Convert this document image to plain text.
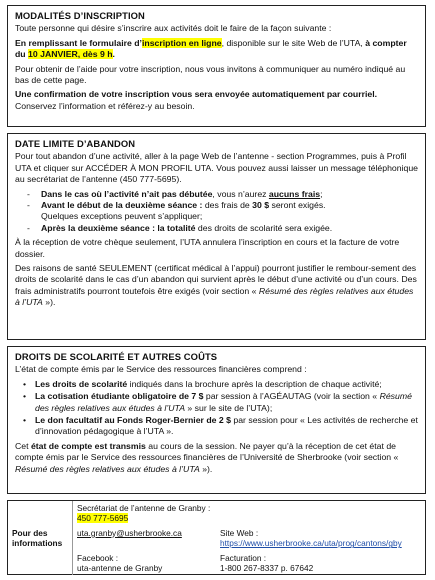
MODALITÉS D’INSCRIPTION

Toute personne qui désire s’inscrire aux activités doit le faire de la façon suivante :

En remplissant le formulaire d’inscription en ligne, disponible sur le site Web de l’UTA, à compter du 10 JANVIER, dès 9 h.

Pour obtenir de l’aide pour votre inscription, nous vous invitons à communiquer au numéro indiqué au bas de cette page.

Une confirmation de votre inscription vous sera envoyée automatiquement par courriel. Conservez l’information et référez-y au besoin.

DATE LIMITE D’ABANDON

Pour tout abandon d’une activité, aller à la page Web de l’antenne - section Programmes, puis à Profil UTA et cliquer sur ACCÉDER À MON PROFIL UTA. Vous pouvez aussi laisser un message téléphonique au secrétariat de l’antenne (450 777-5695).

- Dans le cas où l’activité n’ait pas débutée, vous n’aurez aucuns frais;
- Avant le début de la deuxième séance : des frais de 30 $ seront exigés.
Quelques exceptions peuvent s’appliquer;
- Après la deuxième séance : la totalité des droits de scolarité sera exigée.

À la réception de votre chèque seulement, l’UTA annulera l’inscription en cours et la facture de votre dossier.

Des raisons de santé SEULEMENT (certificat médical à l’appui) pourront justifier le rembour-sement des droits de scolarité dans le cas d’un abandon qui survient après le début d’une activité ou d’un cours. Des frais administratifs pourront toutefois être exigés (voir section « Résumé des règles relatives aux études à l’UTA »).

DROITS DE SCOLARITÉ ET AUTRES COÛTS

L’état de compte émis par le Service des ressources financières comprend :

• Les droits de scolarité indiqués dans la brochure après la description de chaque activité;
• La cotisation étudiante obligatoire de 7 $ par session à l’AGÉAUTAG (voir la section « Résumé des règles relatives aux études à l’UTA » sur le site de l’UTA);
• Le don facultatif au Fonds Roger-Bernier de 2 $ par session pour « Les activités de recherche et d’innovation pédagogique à l’UTA ».

Cet état de compte est transmis au cours de la session. Ne payer qu’à la réception de cet état de compte émis par le Service des ressources financières de l’Université de Sherbrooke (voir section « Résumé des règles relatives aux études à l’UTA »).

Pour des informations	Secrétariat de l’antenne de Granby : 450 777-5695	
	uta.granby@usherbrooke.ca	Site Web :
https://www.usherbrooke.ca/uta/prog/cantons/gby

	Facebook :
uta-antenne de Granby	Facturation :
1-800 267-8337 p. 67642
